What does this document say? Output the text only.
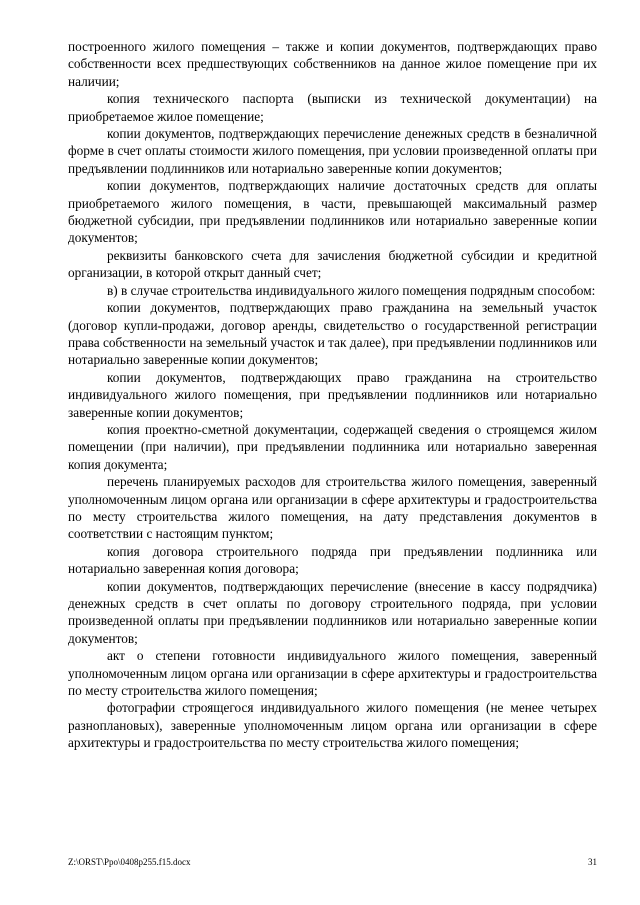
построенного жилого помещения – также и копии документов, подтверждающих право собственности всех предшествующих собственников на данное жилое помещение при их наличии;

копия технического паспорта (выписки из технической документации) на приобретаемое жилое помещение;

копии документов, подтверждающих перечисление денежных средств в безналичной форме в счет оплаты стоимости жилого помещения, при условии произведенной оплаты при предъявлении подлинников или нотариально заверенные копии документов;

копии документов, подтверждающих наличие достаточных средств для оплаты приобретаемого жилого помещения, в части, превышающей максимальный размер бюджетной субсидии, при предъявлении подлинников или нотариально заверенные копии документов;

реквизиты банковского счета для зачисления бюджетной субсидии и кредитной организации, в которой открыт данный счет;

в) в случае строительства индивидуального жилого помещения подрядным способом:

копии документов, подтверждающих право гражданина на земельный участок (договор купли-продажи, договор аренды, свидетельство о государственной регистрации права собственности на земельный участок и так далее), при предъявлении подлинников или нотариально заверенные копии документов;

копии документов, подтверждающих право гражданина на строительство индивидуального жилого помещения, при предъявлении подлинников или нотариально заверенные копии документов;

копия проектно-сметной документации, содержащей сведения о строящемся жилом помещении (при наличии), при предъявлении подлинника или нотариально заверенная копия документа;

перечень планируемых расходов для строительства жилого помещения, заверенный уполномоченным лицом органа или организации в сфере архитектуры и градостроительства по месту строительства жилого помещения, на дату представления документов в соответствии с настоящим пунктом;

копия договора строительного подряда при предъявлении подлинника или нотариально заверенная копия договора;

копии документов, подтверждающих перечисление (внесение в кассу подрядчика) денежных средств в счет оплаты по договору строительного подряда, при условии произведенной оплаты при предъявлении подлинников или нотариально заверенные копии документов;

акт о степени готовности индивидуального жилого помещения, заверенный уполномоченным лицом органа или организации в сфере архитектуры и градостроительства по месту строительства жилого помещения;

фотографии строящегося индивидуального жилого помещения (не менее четырех разноплановых), заверенные уполномоченным лицом органа или организации в сфере архитектуры и градостроительства по месту строительства жилого помещения;

Z:\ORST\Ppo\0408p255.f15.docx	31
